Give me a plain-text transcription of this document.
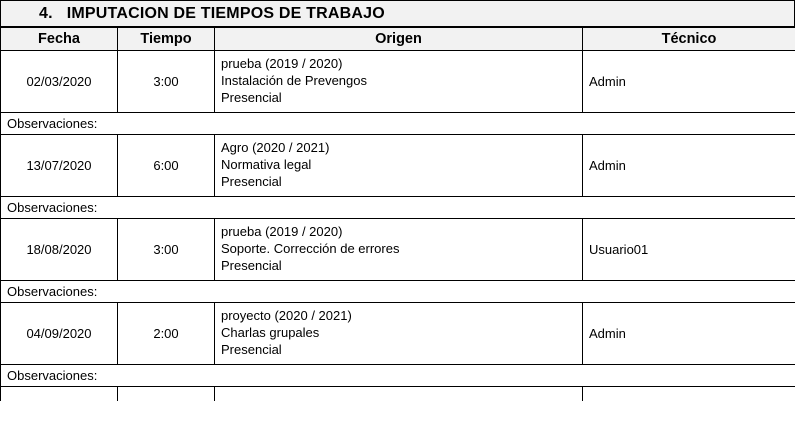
4. IMPUTACION DE TIEMPOS DE TRABAJO
Fecha	Tiempo	Origen	Técnico
02/03/2020	3:00	prueba (2019 / 2020)
Instalación de Prevengos
Presencial	Admin
Observaciones:			
13/07/2020	6:00	Agro (2020 / 2021)
Normativa legal
Presencial	Admin
Observaciones:			
18/08/2020	3:00	prueba (2019 / 2020)
Soporte. Corrección de errores
Presencial	Usuario01
Observaciones:			
04/09/2020	2:00	proyecto (2020 / 2021)
Charlas grupales
Presencial	Admin
Observaciones:			
